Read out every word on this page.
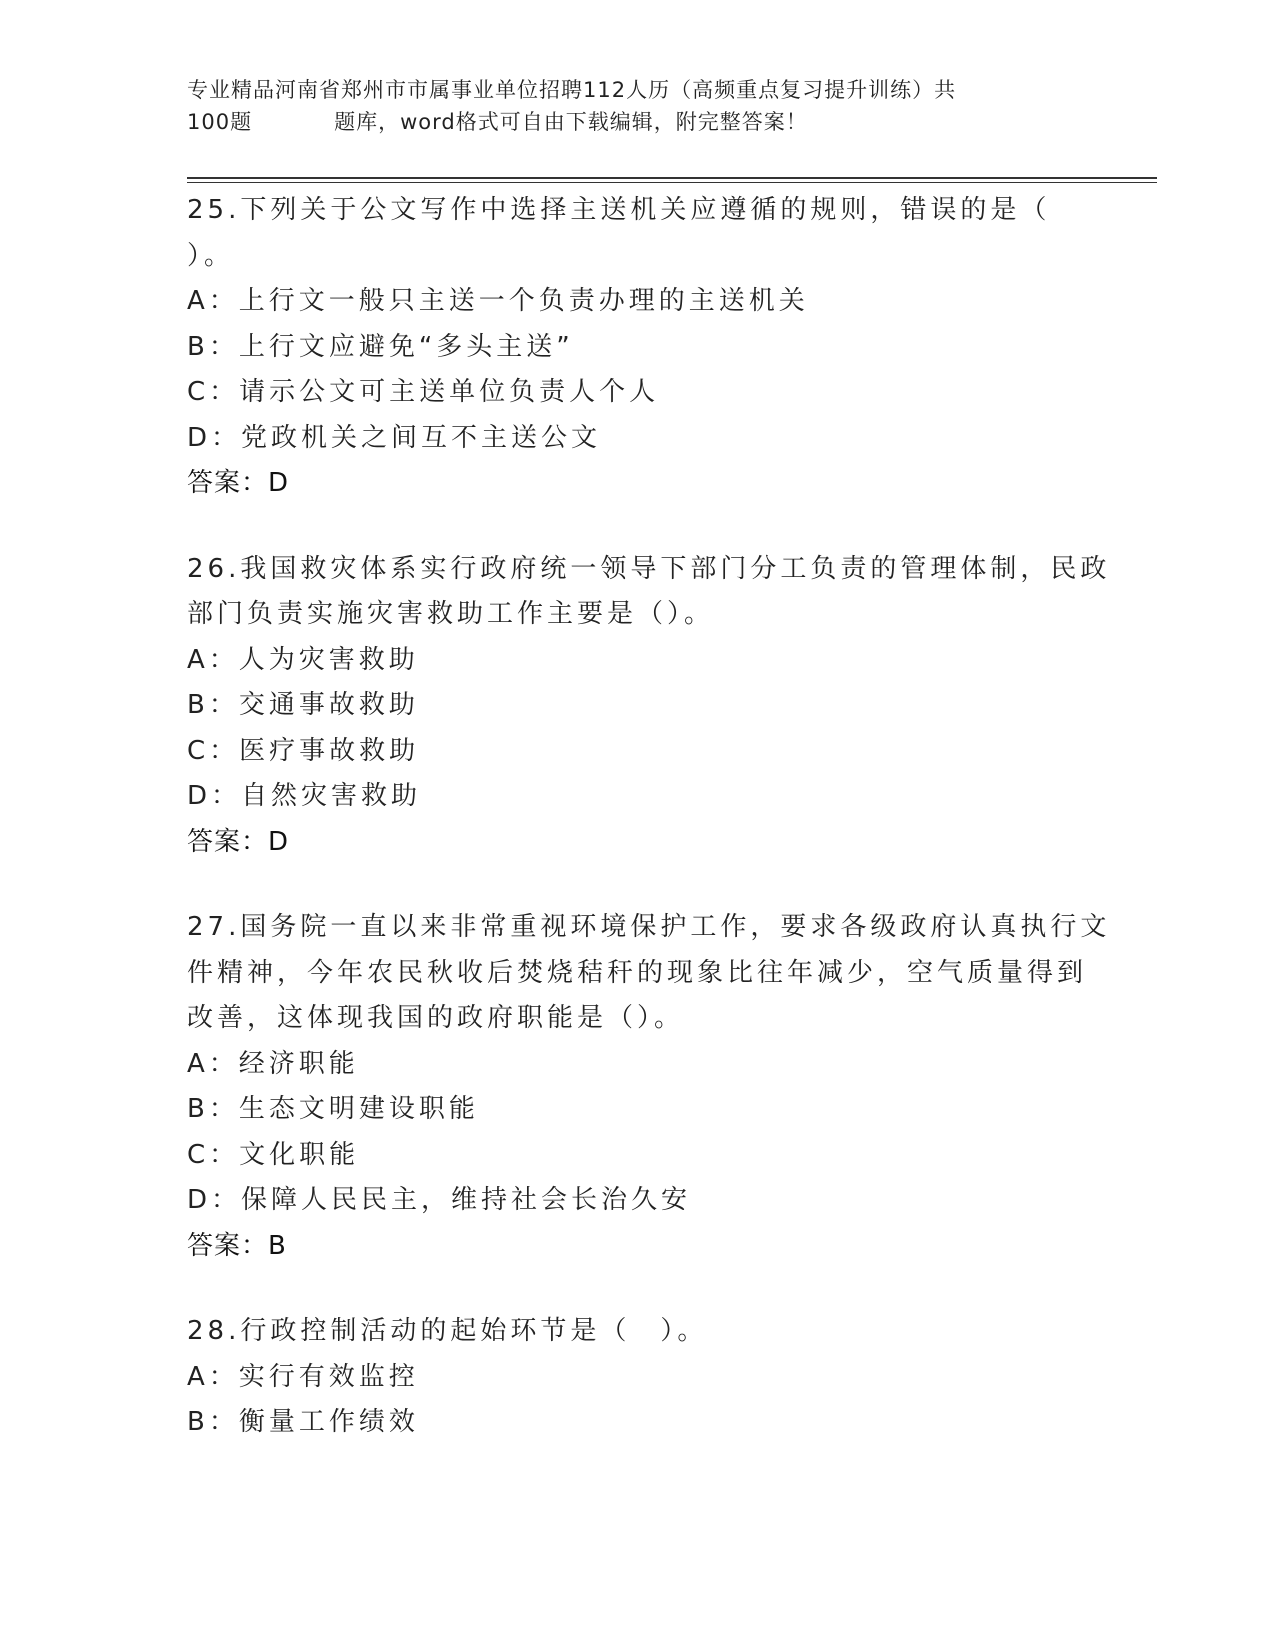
专业精品河南省郑州市市属事业单位招聘112人历（高频重点复习提升训练）共
100题	题库，word格式可自由下载编辑，附完整答案！
25.下列关于公文写作中选择主送机关应遵循的规则，错误的是（
）。
A：上行文一般只主送一个负责办理的主送机关
B：上行文应避免“多头主送”
C：请示公文可主送单位负责人个人
D：党政机关之间互不主送公文
答案：D
26.我国救灾体系实行政府统一领导下部门分工负责的管理体制，民政
部门负责实施灾害救助工作主要是（）。
A：人为灾害救助
B：交通事故救助
C：医疗事故救助
D：自然灾害救助
答案：D
27.国务院一直以来非常重视环境保护工作，要求各级政府认真执行文
件精神，今年农民秋收后焚烧秸秆的现象比往年减少，空气质量得到
改善，这体现我国的政府职能是（）。
A：经济职能
B：生态文明建设职能
C：文化职能
D：保障人民民主，维持社会长治久安
答案：B
28.行政控制活动的起始环节是（　）。
A：实行有效监控
B：衡量工作绩效
